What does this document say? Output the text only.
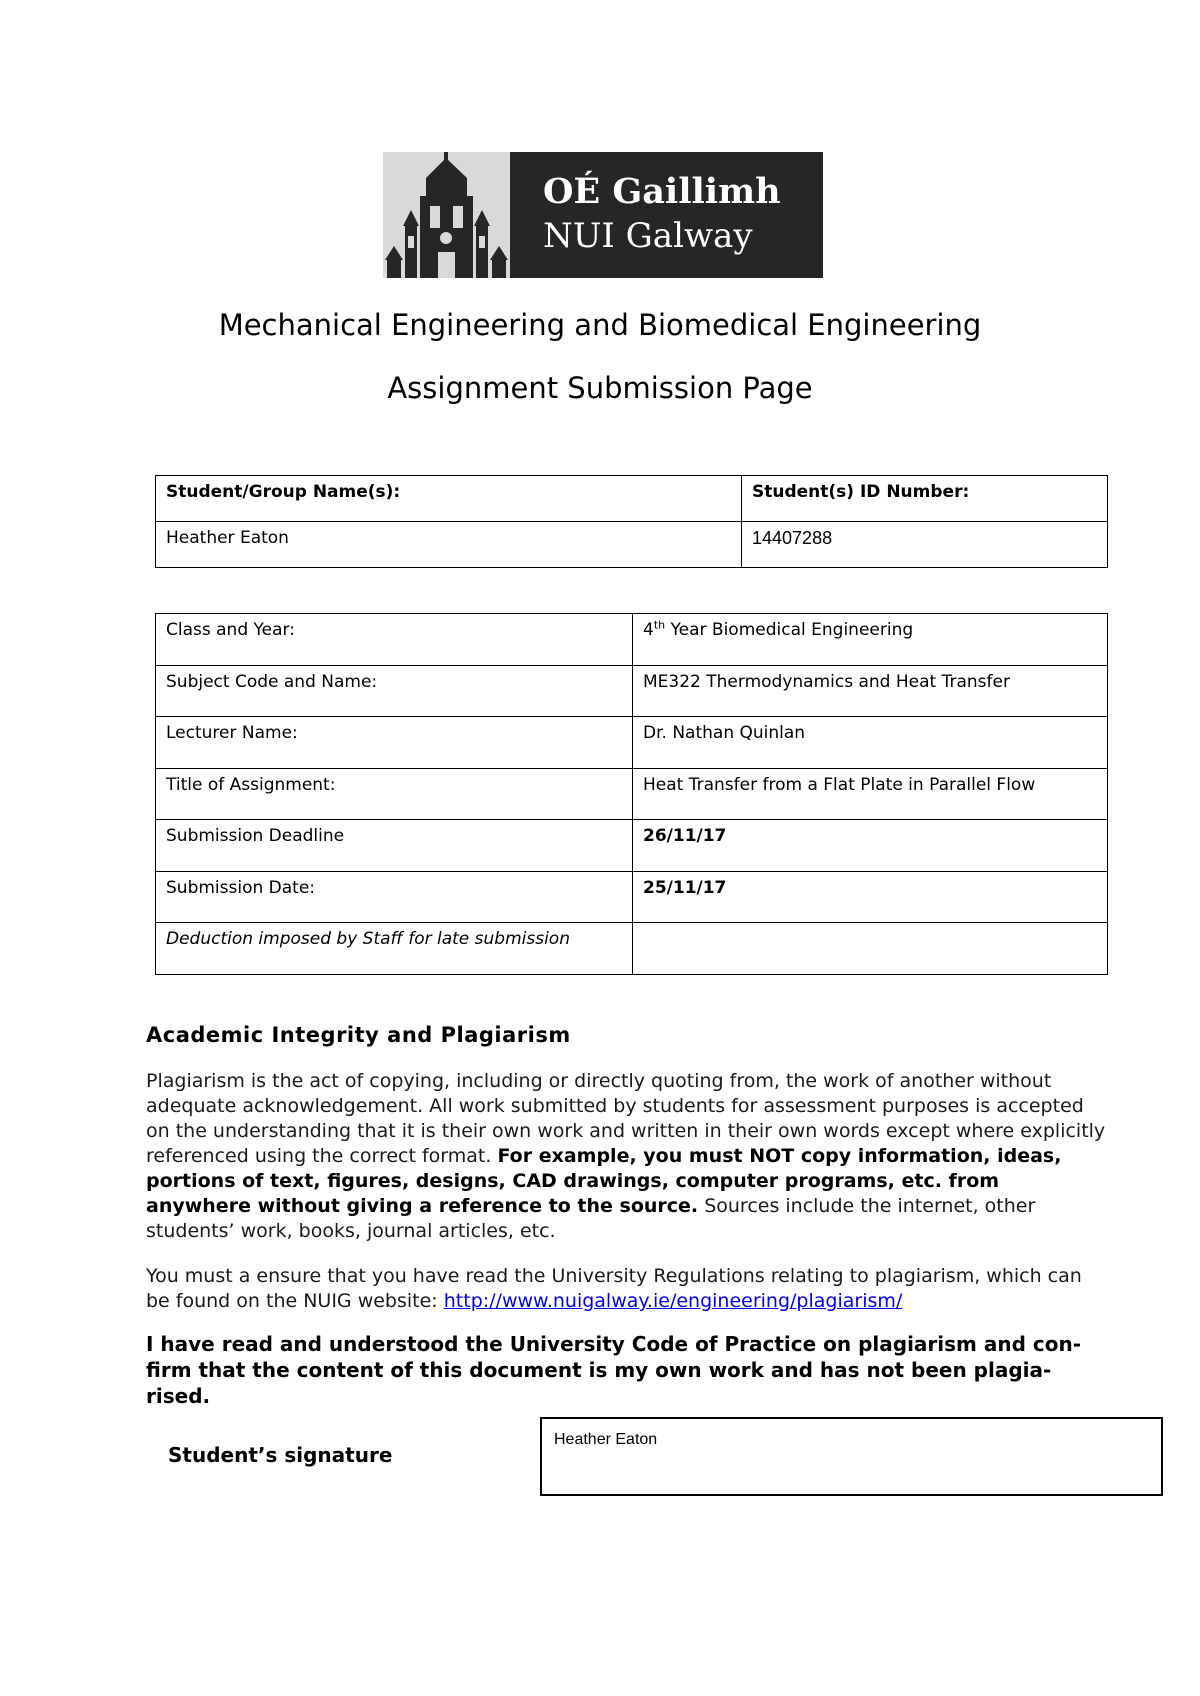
OÉ Gaillimh
NUI Galway
Mechanical Engineering and Biomedical Engineering
Assignment Submission Page
Student/Group Name(s):	Student(s) ID Number:
Heather Eaton	14407288
Class and Year:	4th Year Biomedical Engineering
Subject Code and Name:	ME322 Thermodynamics and Heat Transfer
Lecturer Name:	Dr. Nathan Quinlan
Title of Assignment:	Heat Transfer from a Flat Plate in Parallel Flow
Submission Deadline	26/11/17
Submission Date:	25/11/17
Deduction imposed by Staff for late submission	
Academic Integrity and Plagiarism
Plagiarism is the act of copying, including or directly quoting from, the work of another without adequate acknowledgement. All work submitted by students for assessment purposes is accepted on the understanding that it is their own work and written in their own words except where explicitly referenced using the correct format. For example, you must NOT copy information, ideas, portions of text, figures, designs, CAD drawings, computer programs, etc. from anywhere without giving a reference to the source. Sources include the internet, other students’ work, books, journal articles, etc.
You must a ensure that you have read the University Regulations relating to plagiarism, which can be found on the NUIG website: http://www.nuigalway.ie/engineering/plagiarism/
I have read and understood the University Code of Practice on plagiarism and con-firm that the content of this document is my own work and has not been plagia-rised.
Student’s signature
Heather Eaton
